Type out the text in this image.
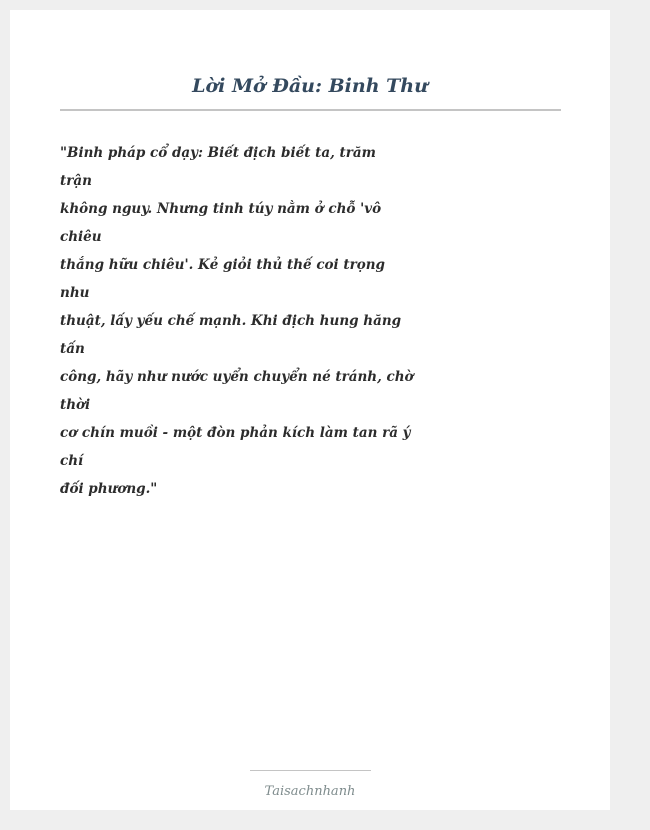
Lời Mở Đầu: Binh Thư
"Binh pháp cổ dạy: Biết địch biết ta, trăm
trận
không nguy. Nhưng tinh túy nằm ở chỗ 'vô
chiêu
thắng hữu chiêu'. Kẻ giỏi thủ thế coi trọng
nhu
thuật, lấy yếu chế mạnh. Khi địch hung hăng
tấn
công, hãy như nước uyển chuyển né tránh, chờ
thời
cơ chín muồi - một đòn phản kích làm tan rã ý
chí
đối phương."
Taisachnhanh
